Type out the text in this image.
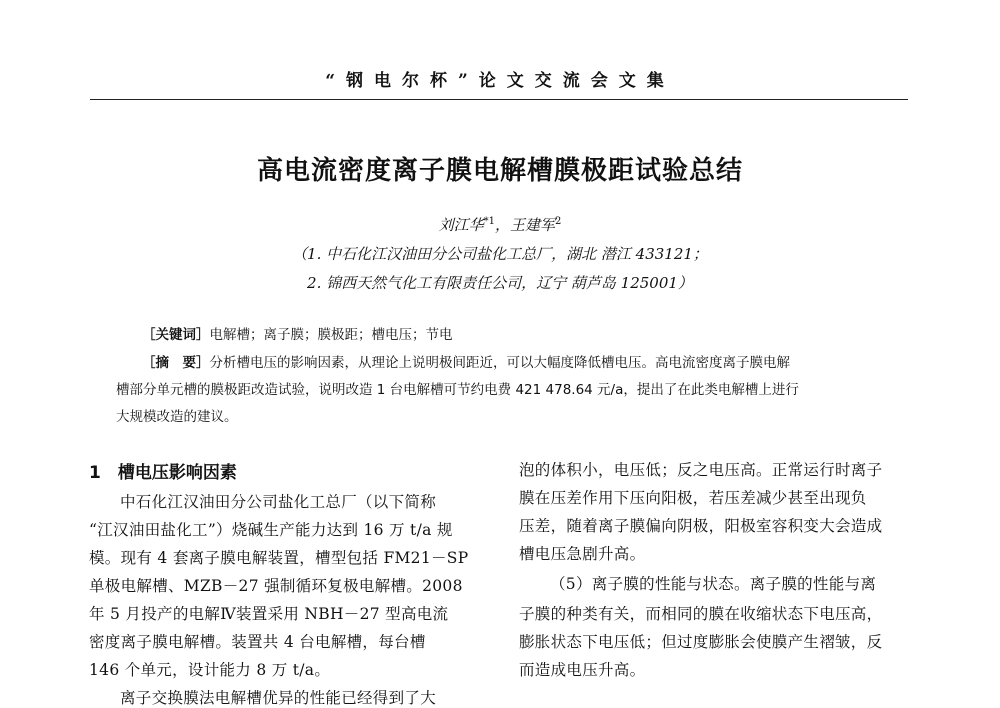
“钢电尔杯”论文交流会文集
高电流密度离子膜电解槽膜极距试验总结
刘江华$^{*1}$，王建军$^2$
（1. 中石化江汉油田分公司盐化工总厂，湖北 潜江 433121；
2. 锦西天然气化工有限责任公司，辽宁 葫芦岛 125001）
［关键词］电解槽；离子膜；膜极距；槽电压；节电
［摘　要］分析槽电压的影响因素，从理论上说明极间距近，可以大幅度降低槽电压。高电流密度离子膜电解
槽部分单元槽的膜极距改造试验，说明改造 1 台电解槽可节约电费 421 478.64 元/a，提出了在此类电解槽上进行
大规模改造的建议。
1　槽电压影响因素
中石化江汉油田分公司盐化工总厂（以下简称
“江汉油田盐化工”）烧碱生产能力达到 16 万 t/a 规
模。现有 4 套离子膜电解装置，槽型包括 FM21－SP
单极电解槽、MZB－27 强制循环复极电解槽。2008
年 5 月投产的电解Ⅳ装置采用 NBH－27 型高电流
密度离子膜电解槽。装置共 4 台电解槽，每台槽
146 个单元，设计能力 8 万 t/a。
离子交换膜法电解槽优异的性能已经得到了大
泡的体积小，电压低；反之电压高。正常运行时离子
膜在压差作用下压向阳极，若压差减少甚至出现负
压差，随着离子膜偏向阴极，阳极室容积变大会造成
槽电压急剧升高。
（5）离子膜的性能与状态。离子膜的性能与离
子膜的种类有关，而相同的膜在收缩状态下电压高，
膨胀状态下电压低；但过度膨胀会使膜产生褶皱，反
而造成电压升高。
